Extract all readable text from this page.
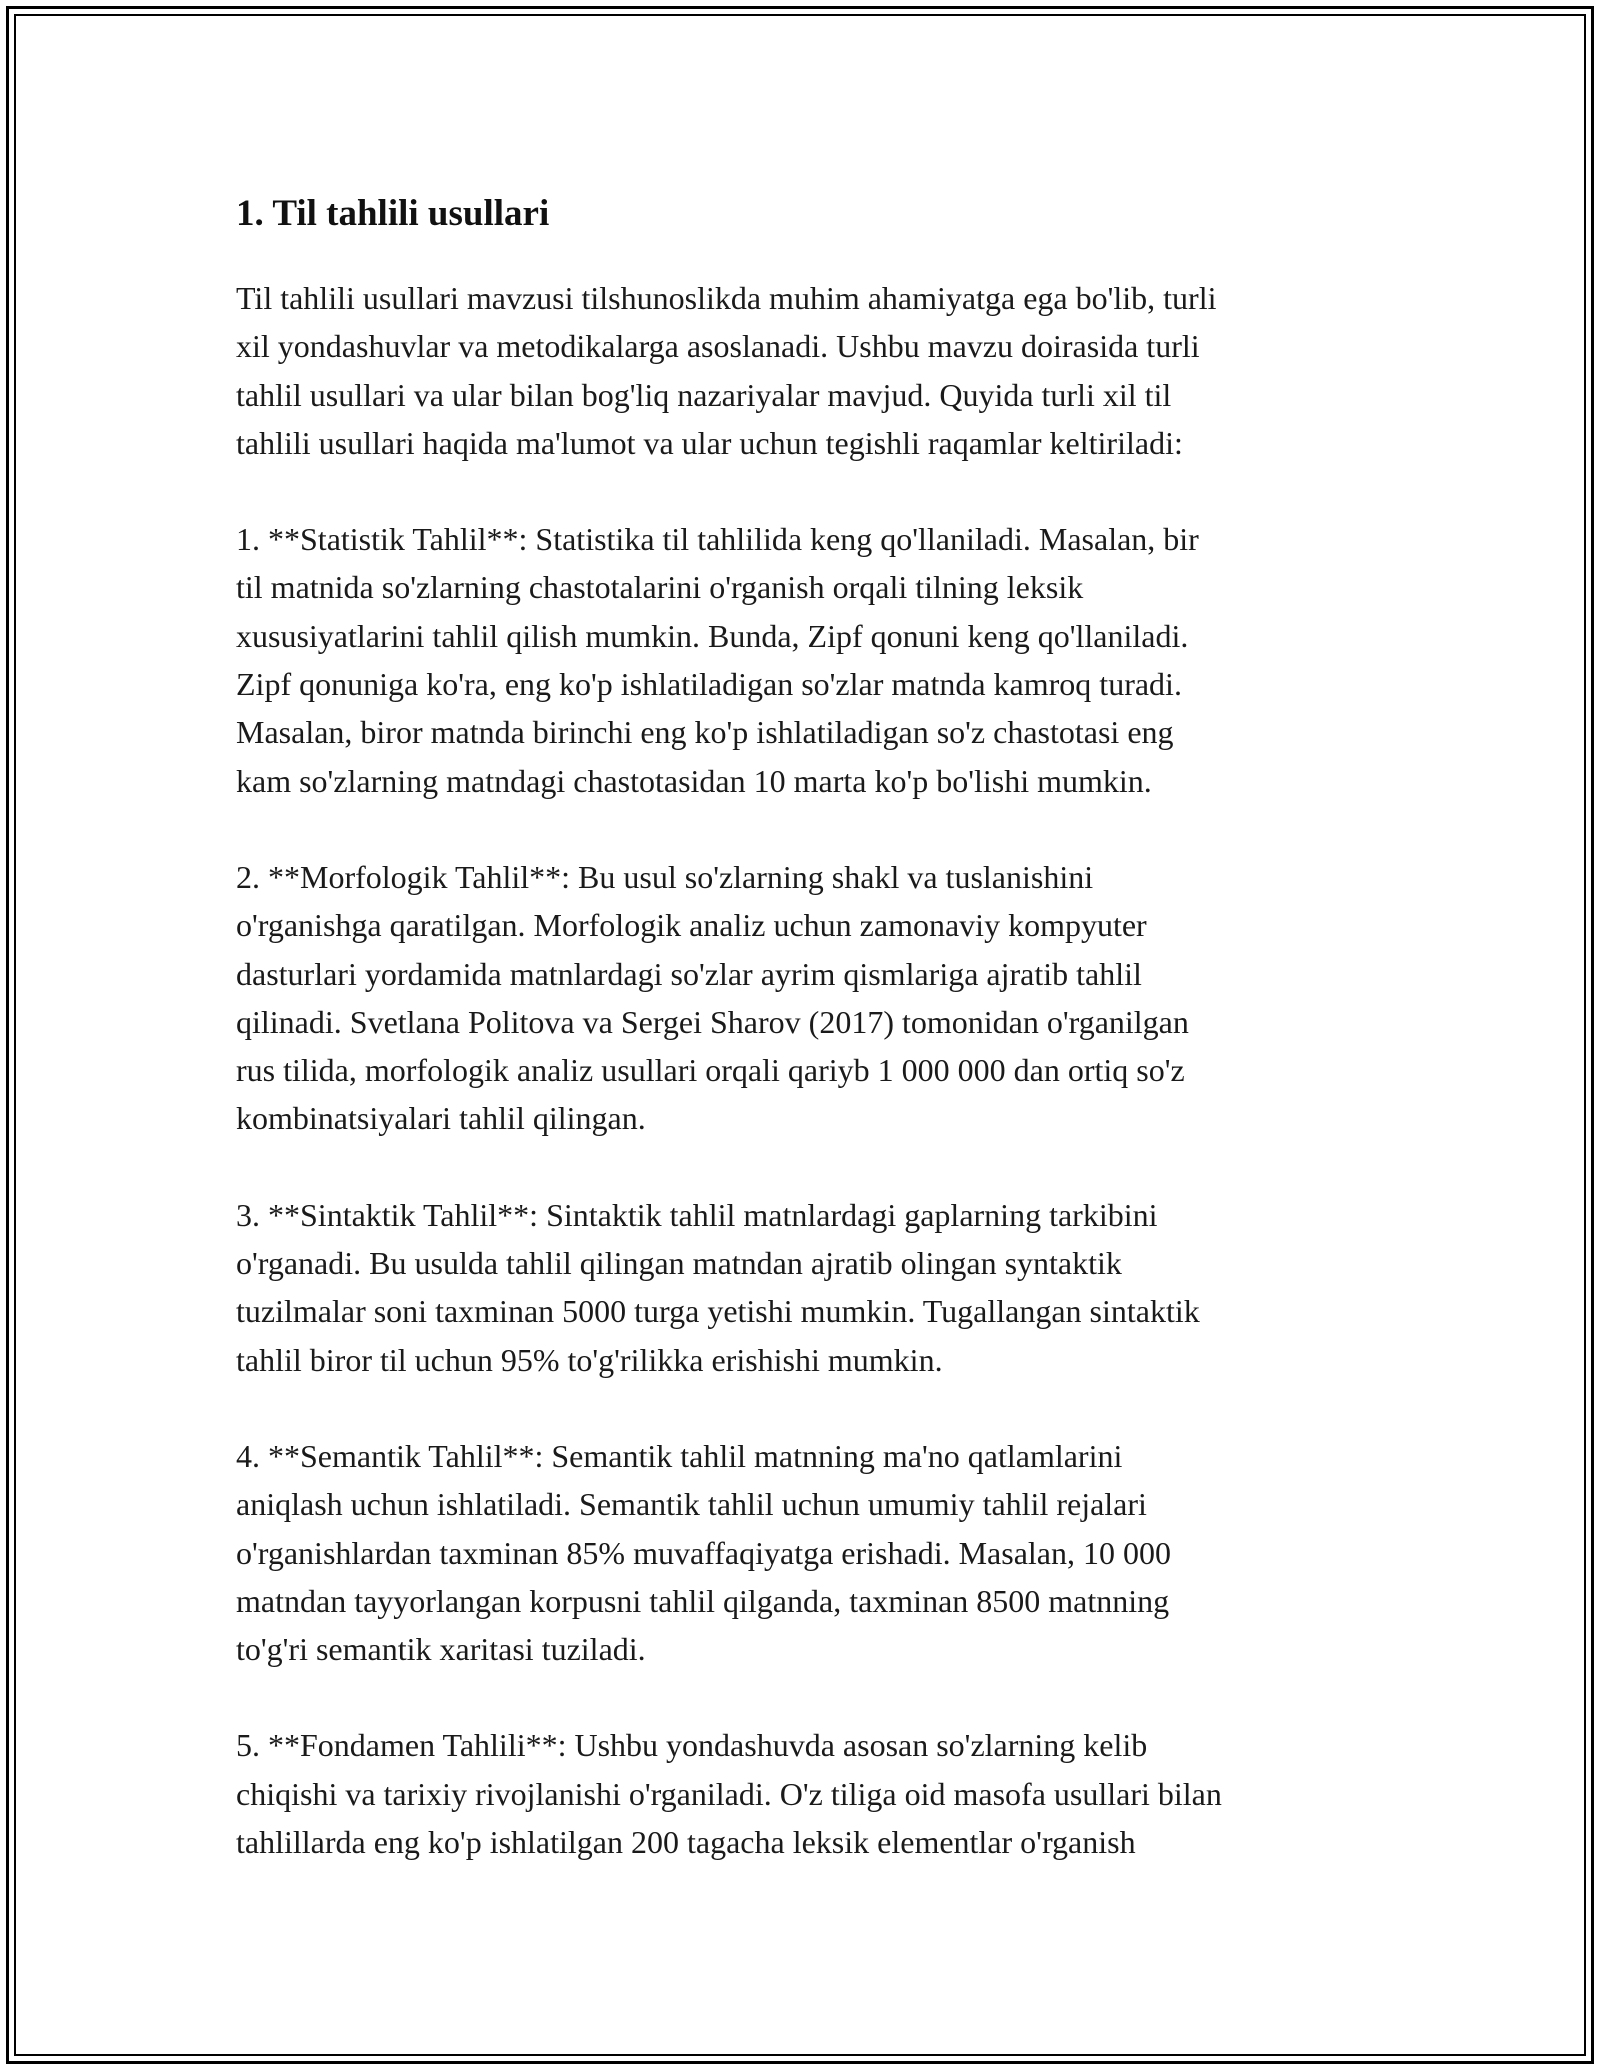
1. Til tahlili usullari

Til tahlili usullari mavzusi tilshunoslikda muhim ahamiyatga ega bo'lib, turli
xil yondashuvlar va metodikalarga asoslanadi. Ushbu mavzu doirasida turli
tahlil usullari va ular bilan bog'liq nazariyalar mavjud. Quyida turli xil til
tahlili usullari haqida ma'lumot va ular uchun tegishli raqamlar keltiriladi:

1. **Statistik Tahlil**: Statistika til tahlilida keng qo'llaniladi. Masalan, bir
til matnida so'zlarning chastotalarini o'rganish orqali tilning leksik
xususiyatlarini tahlil qilish mumkin. Bunda, Zipf qonuni keng qo'llaniladi.
Zipf qonuniga ko'ra, eng ko'p ishlatiladigan so'zlar matnda kamroq turadi.
Masalan, biror matnda birinchi eng ko'p ishlatiladigan so'z chastotasi eng
kam so'zlarning matndagi chastotasidan 10 marta ko'p bo'lishi mumkin.

2. **Morfologik Tahlil**: Bu usul so'zlarning shakl va tuslanishini
o'rganishga qaratilgan. Morfologik analiz uchun zamonaviy kompyuter
dasturlari yordamida matnlardagi so'zlar ayrim qismlariga ajratib tahlil
qilinadi. Svetlana Politova va Sergei Sharov (2017) tomonidan o'rganilgan
rus tilida, morfologik analiz usullari orqali qariyb 1 000 000 dan ortiq so'z
kombinatsiyalari tahlil qilingan.

3. **Sintaktik Tahlil**: Sintaktik tahlil matnlardagi gaplarning tarkibini
o'rganadi. Bu usulda tahlil qilingan matndan ajratib olingan syntaktik
tuzilmalar soni taxminan 5000 turga yetishi mumkin. Tugallangan sintaktik
tahlil biror til uchun 95% to'g'rilikka erishishi mumkin.

4. **Semantik Tahlil**: Semantik tahlil matnning ma'no qatlamlarini
aniqlash uchun ishlatiladi. Semantik tahlil uchun umumiy tahlil rejalari
o'rganishlardan taxminan 85% muvaffaqiyatga erishadi. Masalan, 10 000
matndan tayyorlangan korpusni tahlil qilganda, taxminan 8500 matnning
to'g'ri semantik xaritasi tuziladi.

5. **Fondamen Tahlili**: Ushbu yondashuvda asosan so'zlarning kelib
chiqishi va tarixiy rivojlanishi o'rganiladi. O'z tiliga oid masofa usullari bilan
tahlillarda eng ko'p ishlatilgan 200 tagacha leksik elementlar o'rganish
